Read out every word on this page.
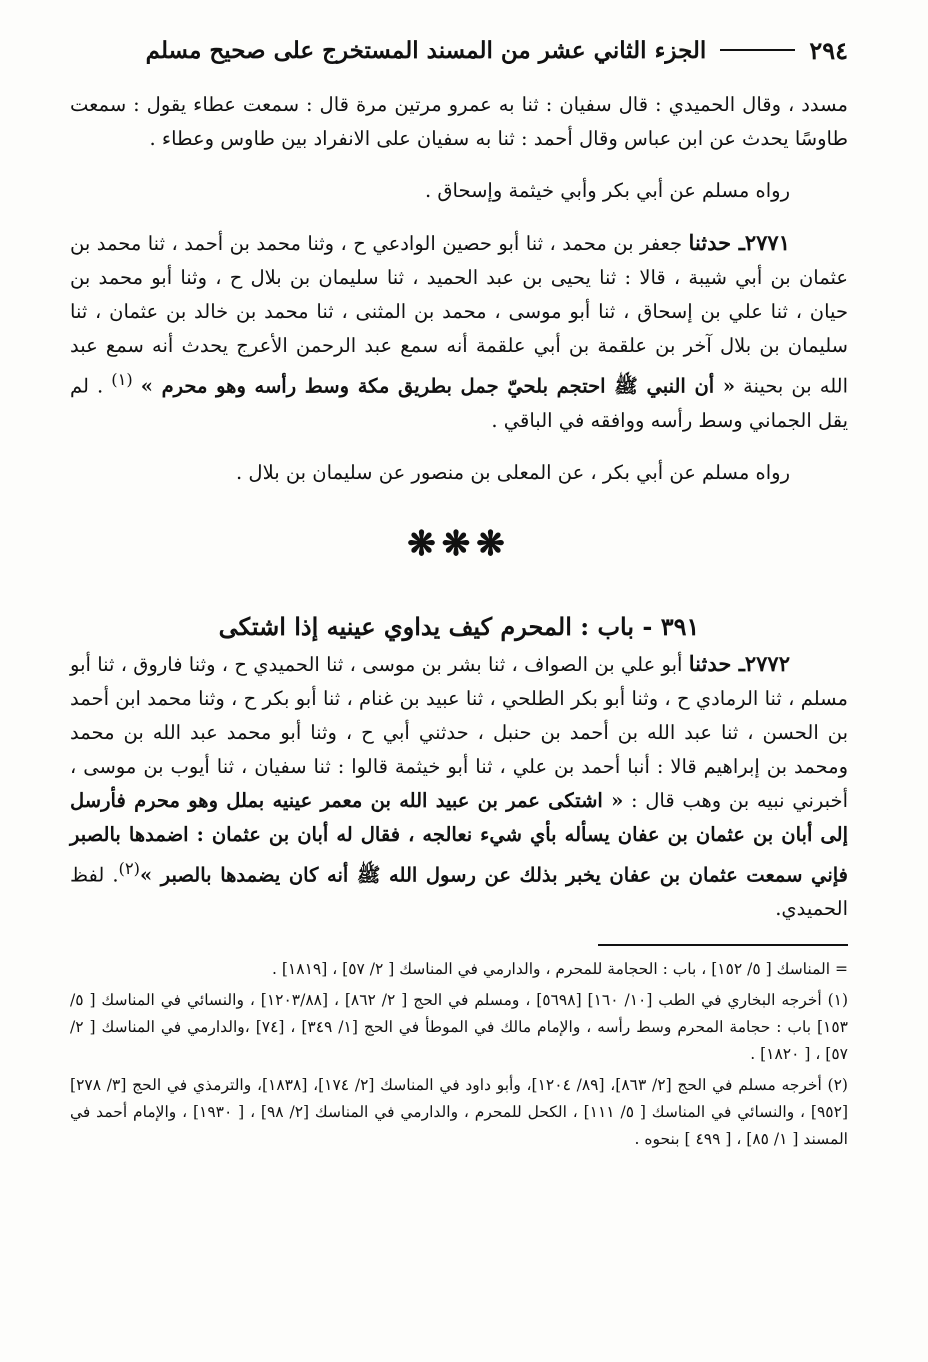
٢٩٤
الجزء الثاني عشر من المسند المستخرج على صحيح مسلم

مسدد ، وقال الحميدي : قال سفيان : ثنا به عمرو مرتين مرة قال : سمعت عطاء يقول : سمعت طاوسًا يحدث عن ابن عباس وقال أحمد : ثنا به سفيان على الانفراد بين طاوس وعطاء .

رواه مسلم عن أبي بكر وأبي خيثمة وإسحاق .

٢٧٧١ـ حدثنا جعفر بن محمد ، ثنا أبو حصين الوادعي ح ، وثنا محمد بن أحمد ، ثنا محمد بن عثمان بن أبي شيبة ، قالا : ثنا يحيى بن عبد الحميد ، ثنا سليمان بن بلال ح ، وثنا أبو محمد بن حيان ، ثنا علي بن إسحاق ، ثنا أبو موسى ، محمد بن المثنى ، ثنا محمد بن خالد بن عثمان ، ثنا سليمان بن بلال آخر بن علقمة بن أبي علقمة أنه سمع عبد الرحمن الأعرج يحدث أنه سمع عبد الله بن بحينة « أن النبي ﷺ احتجم بلحيّ جمل بطريق مكة وسط رأسه وهو محرم » $^{(١)}$ . لم يقل الجماني وسط رأسه ووافقه في الباقي .

رواه مسلم عن أبي بكر ، عن المعلى بن منصور عن سليمان بن بلال .

❋❋❋
٣٩١ - باب : المحرم كيف يداوي عينيه إذا اشتكى

٢٧٧٢ـ حدثنا أبو علي بن الصواف ، ثنا بشر بن موسى ، ثنا الحميدي ح ، وثنا فاروق ، ثنا أبو مسلم ، ثنا الرمادي ح ، وثنا أبو بكر الطلحي ، ثنا عبيد بن غنام ، ثنا أبو بكر ح ، وثنا محمد ابن أحمد بن الحسن ، ثنا عبد الله بن أحمد بن حنبل ، حدثني أبي ح ، وثنا أبو محمد عبد الله بن محمد ومحمد بن إبراهيم قالا : أنبا أحمد بن علي ، ثنا أبو خيثمة قالوا : ثنا سفيان ، ثنا أيوب بن موسى ، أخبرني نبيه بن وهب قال : « اشتكى عمر بن عبيد الله بن معمر عينيه بملل وهو محرم فأرسل إلى أبان بن عثمان بن عفان يسأله بأي شيء نعالجه ، فقال له أبان بن عثمان : اضمدها بالصبر فإني سمعت عثمان بن عفان يخبر بذلك عن رسول الله ﷺ أنه كان يضمدها بالصبر »$^{(٢)}$. لفظ الحميدي.

= المناسك [ ٥/ ١٥٢] ، باب : الحجامة للمحرم ، والدارمي في المناسك [ ٢/ ٥٧] ، [١٨١٩] .

(١) أخرجه البخاري في الطب [١٠/ ١٦٠] [٥٦٩٨] ، ومسلم في الحج [ ٢/ ٨٦٢] ، [١٢٠٣/٨٨] ، والنسائي في المناسك [ ٥/ ١٥٣] باب : حجامة المحرم وسط رأسه ، والإمام مالك في الموطأ في الحج [١/ ٣٤٩] ، [٧٤] ،والدارمي في المناسك [ ٢/ ٥٧] ، [ ١٨٢٠] .

(٢) أخرجه مسلم في الحج [٢/ ٨٦٣]، [٨٩/ ١٢٠٤]، وأبو داود في المناسك [٢/ ١٧٤]، [١٨٣٨]، والترمذي في الحج [٣/ ٢٧٨] [٩٥٢] ، والنسائي في المناسك [ ٥/ ١١١] ، الكحل للمحرم ، والدارمي في المناسك [٢/ ٩٨] ، [ ١٩٣٠] ، والإمام أحمد في المسند [ ١/ ٨٥] ، [ ٤٩٩ ] بنحوه .
